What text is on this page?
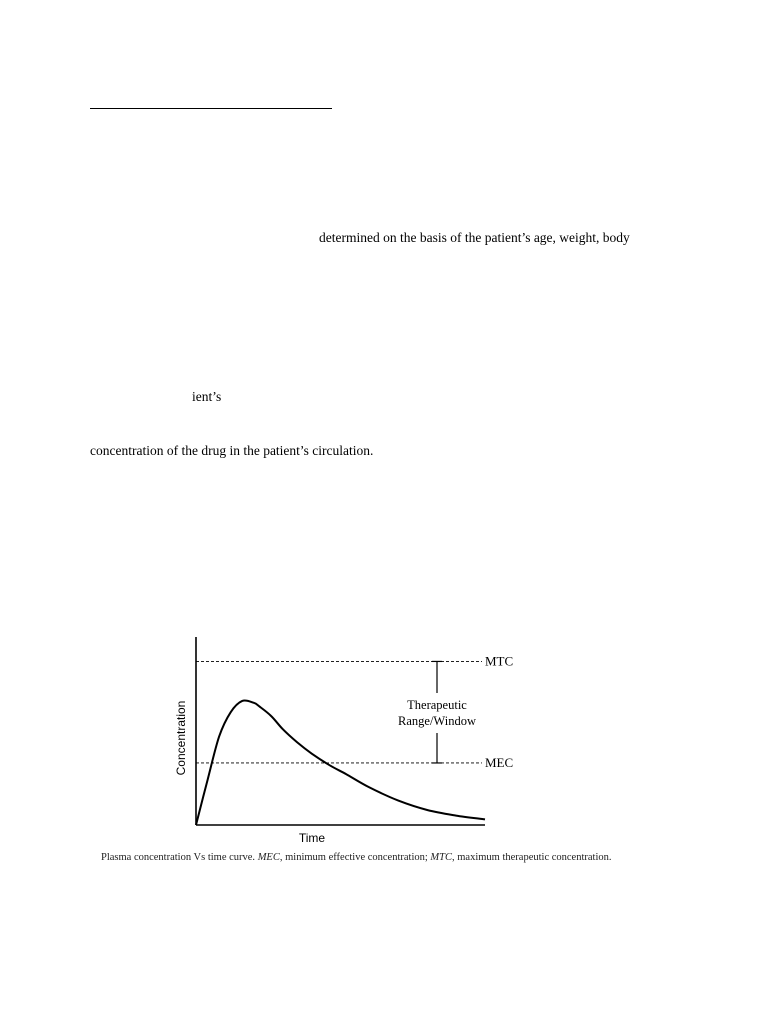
determined on the basis of the patient’s age, weight, body
ient’s
concentration of the drug in the patient’s circulation.
MTC
MEC
Therapeutic
Range/Window
Time
Concentration
Plasma concentration Vs time curve. MEC, minimum effective concentration; MTC, maximum therapeutic concentration.
